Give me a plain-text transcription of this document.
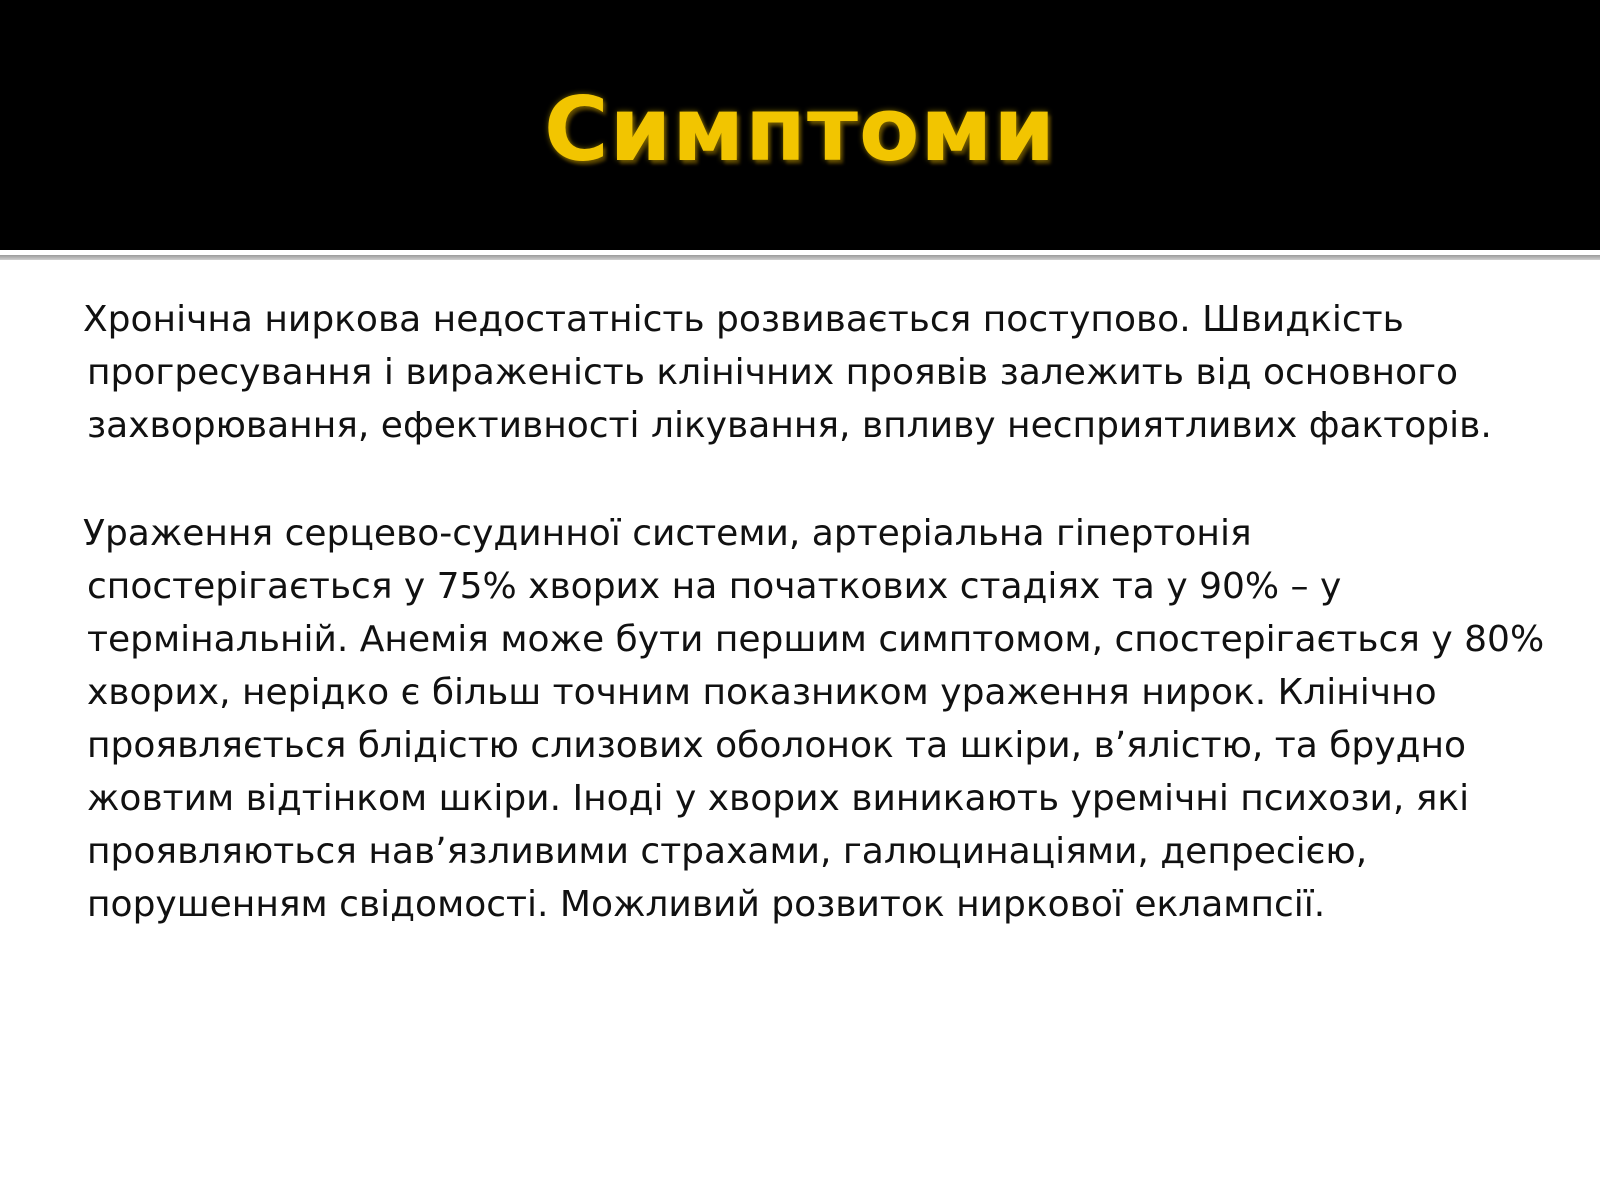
Симптоми
Хронічна ниркова недостатність розвивається поступово. Швидкість прогресування і вираженість клінічних проявів залежить від основного захворювання, ефективності лікування, впливу несприятливих факторів.
Ураження серцево-судинної системи, артеріальна гіпертонія спостерігається у 75% хворих на початкових стадіях та у 90% – у термінальній. Анемія може бути першим симптомом, спостерігається у 80% хворих, нерідко є більш точним показником ураження нирок. Клінічно проявляється блідістю слизових оболонок та шкіри, в’ялістю, та брудно жовтим відтінком шкіри. Іноді у хворих виникають уремічні психози, які проявляються нав’язливими страхами, галюцинаціями, депресією, порушенням свідомості. Можливий розвиток ниркової еклампсії.
